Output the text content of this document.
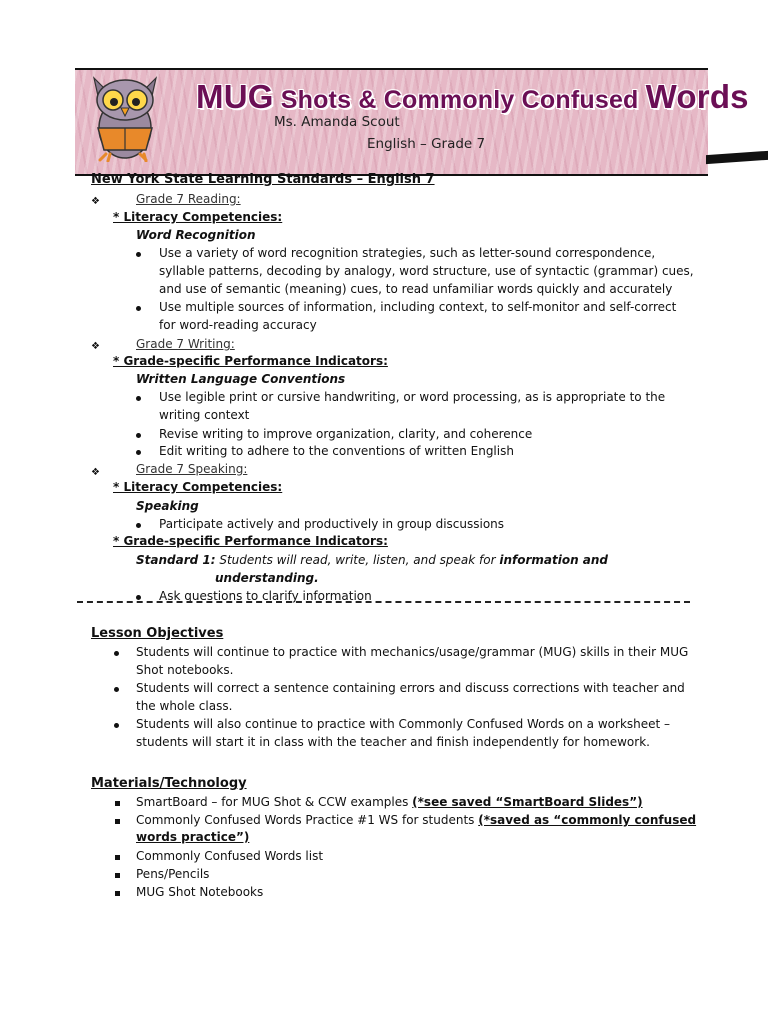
MUG Shots & Commonly Confused Words
Ms. Amanda Scout
English – Grade 7
New York State Learning Standards – English 7
❖	Grade 7 Reading:
* Literacy Competencies:
Word Recognition
Use a variety of word recognition strategies, such as letter-sound correspondence,
syllable patterns, decoding by analogy, word structure, use of syntactic (grammar) cues,
and use of semantic (meaning) cues, to read unfamiliar words quickly and accurately
Use multiple sources of information, including context, to self-monitor and self-correct
for word-reading accuracy
❖	Grade 7 Writing:
* Grade-specific Performance Indicators:
Written Language Conventions
Use legible print or cursive handwriting, or word processing, as is appropriate to the
writing context
Revise writing to improve organization, clarity, and coherence
Edit writing to adhere to the conventions of written English
❖	Grade 7 Speaking:
* Literacy Competencies:
Speaking
Participate actively and productively in group discussions
* Grade-specific Performance Indicators:
Standard 1: Students will read, write, listen, and speak for information and
understanding.
Ask questions to clarify information
Lesson Objectives
Students will continue to practice with mechanics/usage/grammar (MUG) skills in their MUG
Shot notebooks.
Students will correct a sentence containing errors and discuss corrections with teacher and
the whole class.
Students will also continue to practice with Commonly Confused Words on a worksheet –
students will start it in class with the teacher and finish independently for homework.
Materials/Technology
SmartBoard – for MUG Shot & CCW examples (*see saved “SmartBoard Slides”)
Commonly Confused Words Practice #1 WS for students (*saved as “commonly confused
words practice”)
Commonly Confused Words list
Pens/Pencils
MUG Shot Notebooks
